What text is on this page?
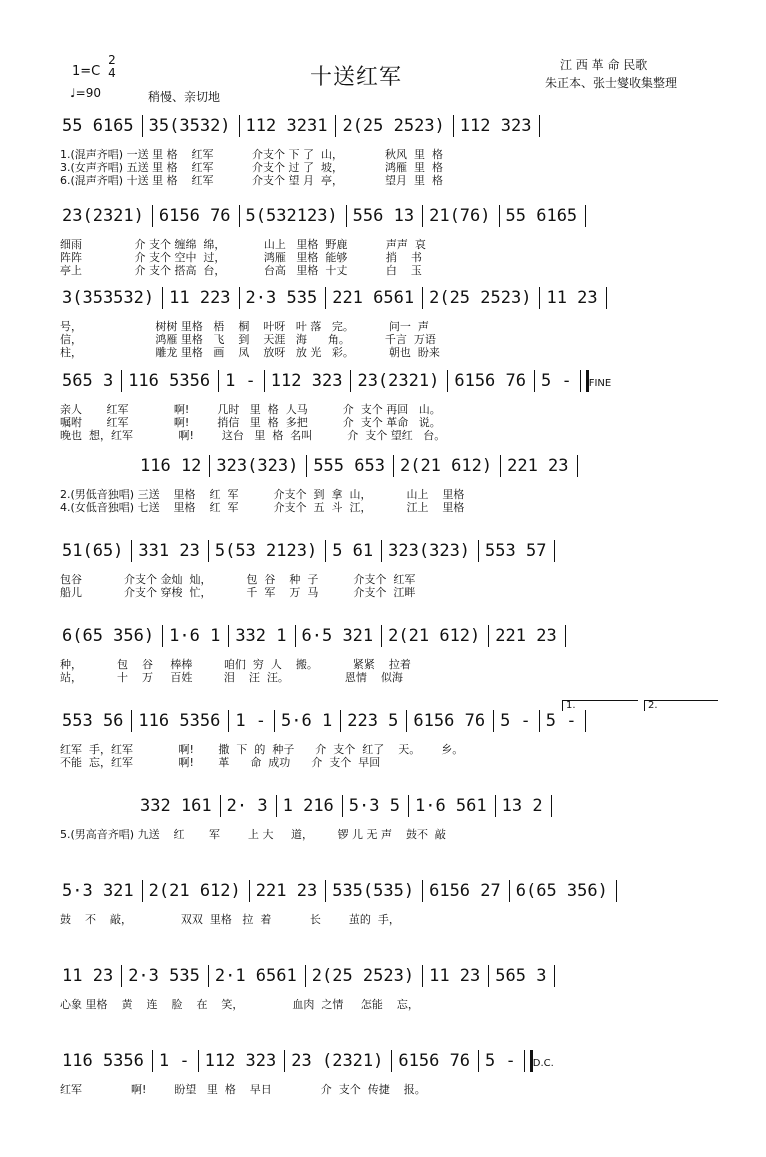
1=C
2
4
♩=90	稍慢、亲切地
十送红军	江 西 革 命 民歌
朱正本、张士燮收集整理
55 6165 35(3532) 112 3231 2(25 2523) 112 323
1.(混声齐唱) 一送 里 格    红军           介支个 下 了  山，            秋风  里  格
3.(女声齐唱) 五送 里 格    红军           介支个 过 了  坡，            鸿雁  里  格
6.(混声齐唱) 十送 里 格    红军           介支个 望 月  亭，            望月  里  格
23(2321) 6156 76 5(532123) 556 13 21(76) 55 6165
细雨               介 支个 缠绵  绵，           山上   里格  野鹿           声声  哀
阵阵               介 支个 空中  过，           鸿雁   里格  能够           捎    书
亭上               介 支个 搭高  台，           台高   里格  十丈           白    玉
3(353532) 11 223 2·3 535 221 6561 2(25 2523) 11 23
号，                     树树 里格   梧    桐    叶呀   叶 落   完。          问一  声
信，                     鸿雁 里格   飞    到    天涯   海      角。          千言  万语
柱，                     雕龙 里格   画    凤    放呀   放 光   彩。          朝也  盼来
565 3 116 5356 1 - 112 323 23(2321) 6156 76 5 - FINE
亲人       红军             啊!        几时   里  格  人马          介  支个 再回   山。
嘱咐       红军             啊!        捎信   里  格  多把          介  支个 革命   说。
晚也  想，红军             啊!        这台   里  格  名叫          介  支个 望红   台。
116 12 323(323) 555 653 2(21 612) 221 23
2.(男低音独唱) 三送    里格    红  军          介支个  到  拿  山，          山上    里格
4.(女低音独唱) 七送    里格    红  军          介支个  五  斗  江，          江上    里格
51(65) 331 23 5(53 2123) 5 61 323(323) 553 57
包谷            介支个 金灿  灿，          包  谷    种  子          介支个  红军
船儿            介支个 穿梭  忙，          千  军    万  马          介支个  江畔
6(65 356) 1·6 1 332 1 6·5 321 2(21 612) 221 23
种，          包    谷     棒棒         咱们  穷  人    搬。          紧紧    拉着
站，          十    万     百姓         泪    汪  汪。                恩情    似海
553 56 116 5356 1 - 5·6 1 223 5 6156 76 5 - 5 -
红军  手，红军             啊!       撒  下  的  种子      介  支个  红了    天。      乡。
不能  忘，红军             啊!       革      命  成功      介  支个  早回
332 161 2· 3 1 216 5·3 5 1·6 561 13 2
5.(男高音齐唱) 九送    红       军        上 大     道，       锣 儿 无 声    鼓不  敲
5·3 321 2(21 612) 221 23 535(535) 6156 27 6(65 356)
鼓    不    敲，              双双  里格   拉  着           长        茧的  手，
11 23 2·3 535 2·1 6561 2(25 2523) 11 23 565 3
心象 里格    黄    连    脸    在    笑，              血肉  之情     怎能    忘，
116 5356 1 - 112 323 23 (2321) 6156 76 5 - D.C.
红军              啊!        盼望   里  格    早日              介  支个  传捷    报。
1.	2.
